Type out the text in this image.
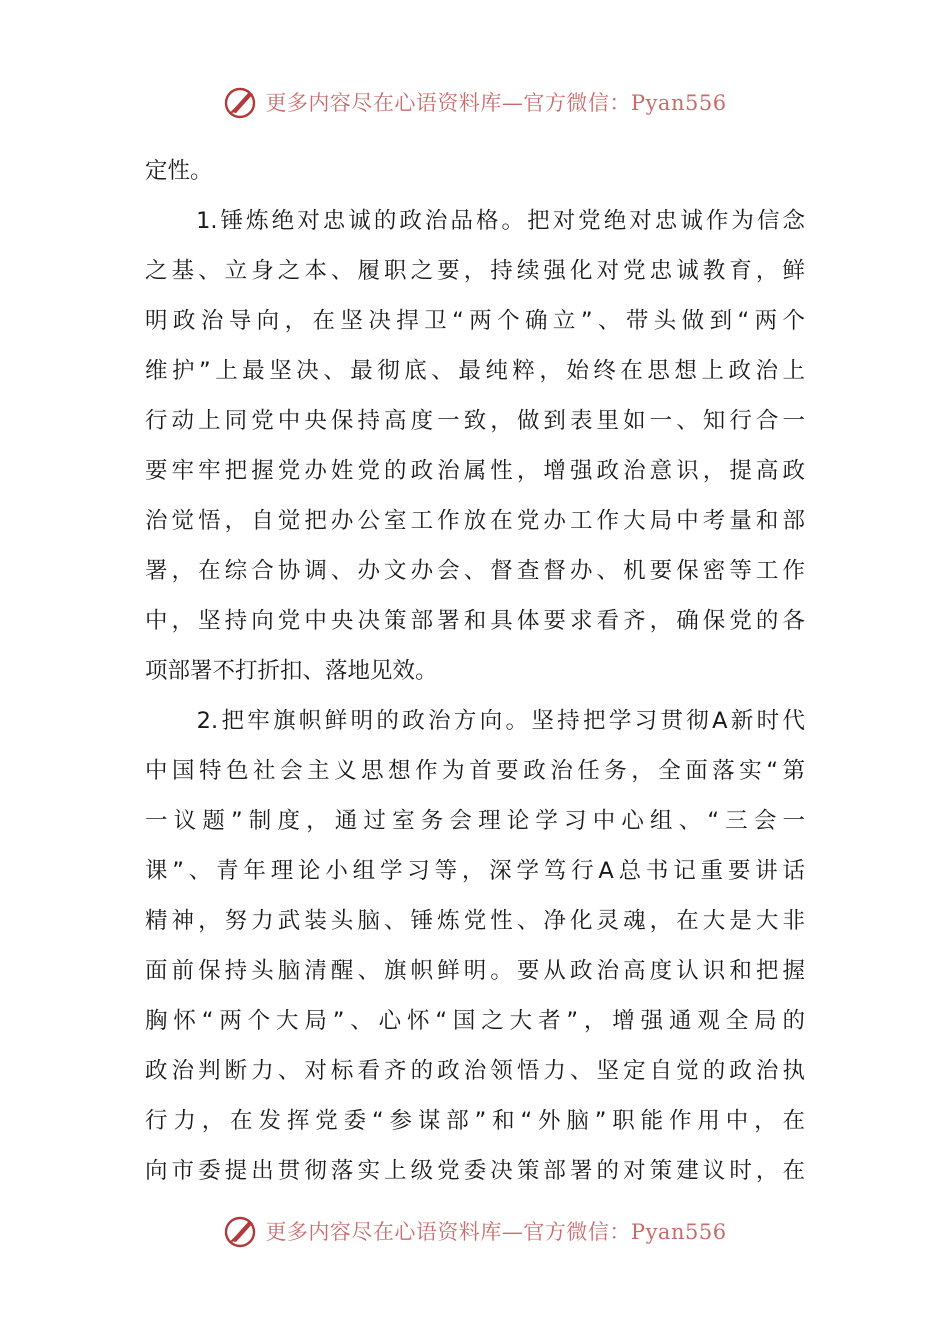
更多内容尽在心语资料库—官方微信：Pyan556
定性。
　　1.锤炼绝对忠诚的政治品格。把对党绝对忠诚作为信念
之基、立身之本、履职之要，持续强化对党忠诚教育，鲜
明政治导向，在坚决捍卫“两个确立”、带头做到“两个
维护”上最坚决、最彻底、最纯粹，始终在思想上政治上
行动上同党中央保持高度一致，做到表里如一、知行合一
要牢牢把握党办姓党的政治属性，增强政治意识，提高政
治觉悟，自觉把办公室工作放在党办工作大局中考量和部
署，在综合协调、办文办会、督查督办、机要保密等工作
中，坚持向党中央决策部署和具体要求看齐，确保党的各
项部署不打折扣、落地见效。
　　2.把牢旗帜鲜明的政治方向。坚持把学习贯彻A新时代
中国特色社会主义思想作为首要政治任务，全面落实“第
一议题”制度，通过室务会理论学习中心组、“三会一
课”、青年理论小组学习等，深学笃行A总书记重要讲话
精神，努力武装头脑、锤炼党性、净化灵魂，在大是大非
面前保持头脑清醒、旗帜鲜明。要从政治高度认识和把握
胸怀“两个大局”、心怀“国之大者”，增强通观全局的
政治判断力、对标看齐的政治领悟力、坚定自觉的政治执
行力，在发挥党委“参谋部”和“外脑”职能作用中，在
向市委提出贯彻落实上级党委决策部署的对策建议时，在
更多内容尽在心语资料库—官方微信：Pyan556
